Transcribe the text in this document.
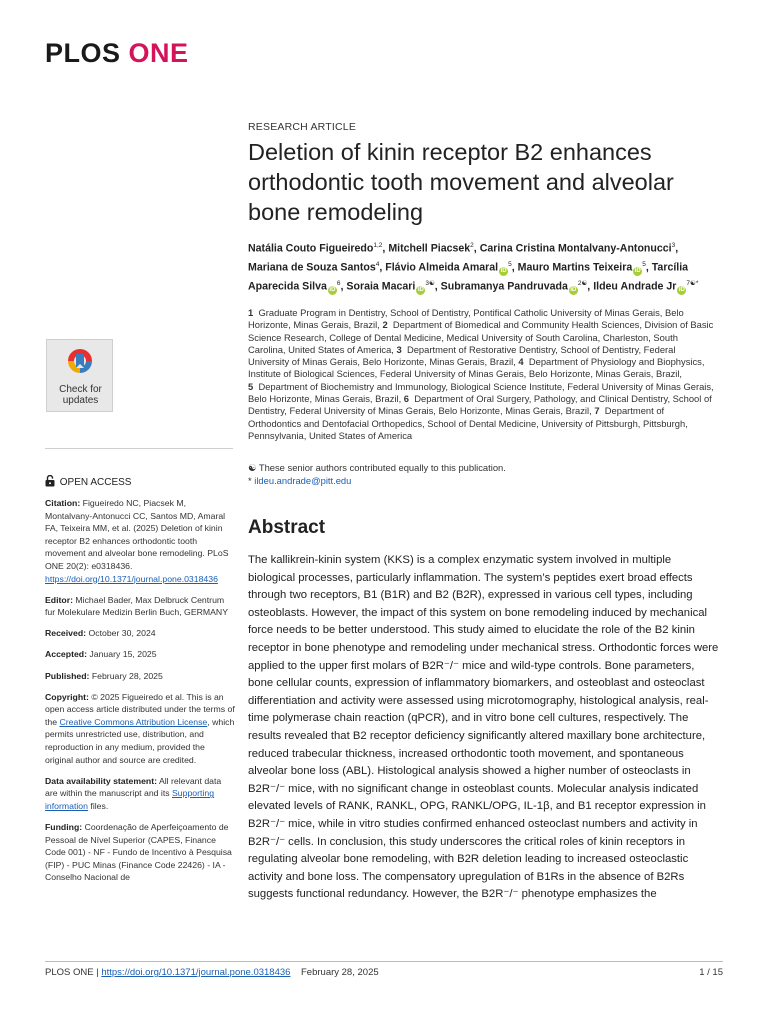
PLOS ONE
RESEARCH ARTICLE
Deletion of kinin receptor B2 enhances orthodontic tooth movement and alveolar bone remodeling
Natália Couto Figueiredo$^{1,2}$, Mitchell Piacsek$^2$, Carina Cristina Montalvany-Antonucci$^3$, Mariana de Souza Santos$^4$, Flávio Almeida Amaral $iD^5$, Mauro Martins Teixeira $iD^5$, Tarcília Aparecida Silva $iD^6$, Soraia Macari $iD^{3☯}$, Subramanya Pandruvada $iD^{2☯}$, Ildeu Andrade Jr $iD^{7☯*}$
1 Graduate Program in Dentistry, School of Dentistry, Pontifical Catholic University of Minas Gerais, Belo Horizonte, Minas Gerais, Brazil, 2 Department of Biomedical and Community Health Sciences, Division of Basic Science Research, College of Dental Medicine, Medical University of South Carolina, Charleston, South Carolina, United States of America, 3 Department of Restorative Dentistry, School of Dentistry, Federal University of Minas Gerais, Belo Horizonte, Minas Gerais, Brazil, 4 Department of Physiology and Biophysics, Institute of Biological Sciences, Federal University of Minas Gerais, Belo Horizonte, Minas Gerais, Brazil, 5 Department of Biochemistry and Immunology, Biological Science Institute, Federal University of Minas Gerais, Belo Horizonte, Minas Gerais, Brazil, 6 Department of Oral Surgery, Pathology, and Clinical Dentistry, School of Dentistry, Federal University of Minas Gerais, Belo Horizonte, Minas Gerais, Brazil, 7 Department of Orthodontics and Dentofacial Orthopedics, School of Dental Medicine, University of Pittsburgh, Pittsburgh, Pennsylvania, United States of America
☯ These senior authors contributed equally to this publication.
* ildeu.andrade@pitt.edu
Abstract
The kallikrein-kinin system (KKS) is a complex enzymatic system involved in multiple biological processes, particularly inflammation. The system’s peptides exert broad effects through two receptors, B1 (B1R) and B2 (B2R), expressed in various cell types, including osteoblasts. However, the impact of this system on bone remodeling induced by mechanical force needs to be better understood. This study aimed to elucidate the role of the B2 kinin receptor in bone phenotype and remodeling under mechanical stress. Orthodontic forces were applied to the upper first molars of B2R⁻/⁻ mice and wild-type controls. Bone parameters, bone cellular counts, expression of inflammatory biomarkers, and osteoblast and osteoclast differentiation and activity were assessed using microtomography, histological analysis, real-time polymerase chain reaction (qPCR), and in vitro bone cell cultures, respectively. The results revealed that B2 receptor deficiency significantly altered maxillary bone architecture, reduced trabecular thickness, increased orthodontic tooth movement, and spontaneous alveolar bone loss (ABL). Histological analysis showed a higher number of osteoclasts in B2R⁻/⁻ mice, with no significant change in osteoblast counts. Molecular analysis indicated elevated levels of RANK, RANKL, OPG, RANKL/OPG, IL-1β, and B1 receptor expression in B2R⁻/⁻ mice, while in vitro studies confirmed enhanced osteoclast numbers and activity in B2R⁻/⁻ cells. In conclusion, this study underscores the critical roles of kinin receptors in regulating alveolar bone remodeling, with B2R deletion leading to increased osteoclastic activity and bone loss. The compensatory upregulation of B1Rs in the absence of B2Rs suggests functional redundancy. However, the B2R⁻/⁻ phenotype emphasizes the
Check for
updates
OPEN ACCESS

Citation: Figueiredo NC, Piacsek M, Montalvany-Antonucci CC, Santos MD, Amaral FA, Teixeira MM, et al. (2025) Deletion of kinin receptor B2 enhances orthodontic tooth movement and alveolar bone remodeling. PLoS ONE 20(2): e0318436. https://doi.org/10.1371/journal.pone.0318436

Editor: Michael Bader, Max Delbruck Centrum fur Molekulare Medizin Berlin Buch, GERMANY

Received: October 30, 2024

Accepted: January 15, 2025

Published: February 28, 2025

Copyright: © 2025 Figueiredo et al. This is an open access article distributed under the terms of the Creative Commons Attribution License, which permits unrestricted use, distribution, and reproduction in any medium, provided the original author and source are credited.

Data availability statement: All relevant data are within the manuscript and its Supporting information files.

Funding: Coordenação de Aperfeiçoamento de Pessoal de Nível Superior (CAPES, Finance Code 001) - NF - Fundo de Incentivo à Pesquisa (FIP) - PUC Minas (Finance Code 22426) - IA - Conselho Nacional de

PLOS ONE | https://doi.org/10.1371/journal.pone.0318436 February 28, 2025	1 / 15
